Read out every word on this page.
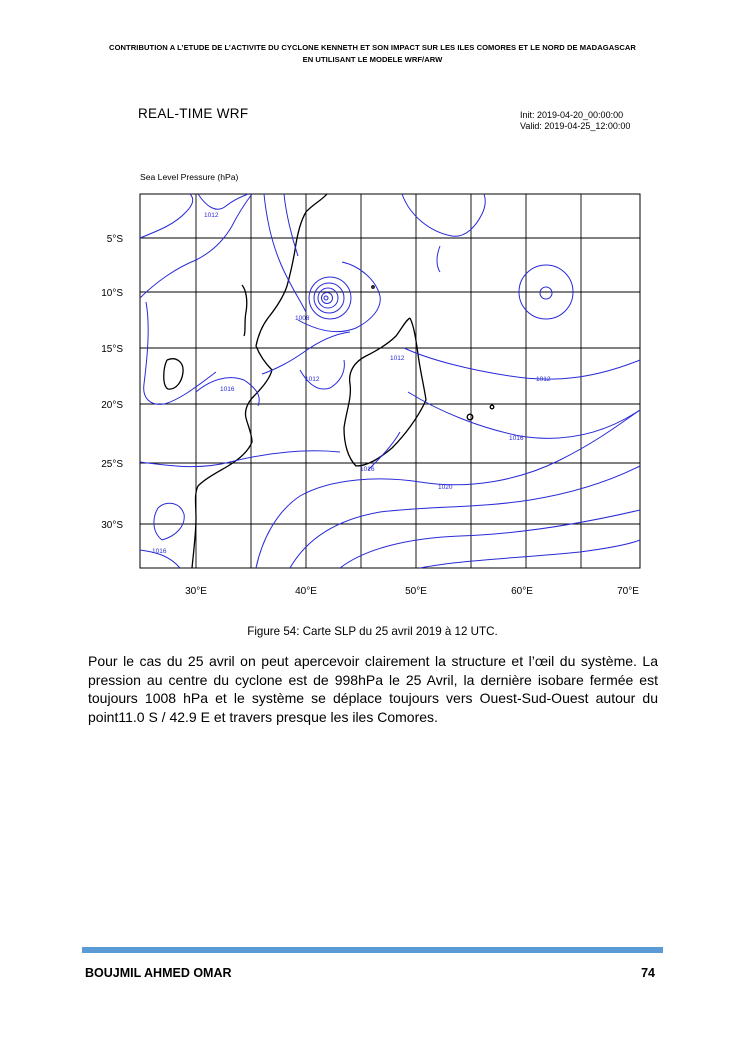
CONTRIBUTION A L’ETUDE DE L’ACTIVITE DU CYCLONE KENNETH ET SON IMPACT SUR LES ILES COMORES ET LE NORD DE MADAGASCAR
EN UTILISANT LE MODELE WRF/ARW
REAL-TIME WRF	Init: 2019-04-20_00:00:00
Valid: 2019-04-25_12:00:00
Sea Level Pressure (hPa)
1012
1008
1012
1012
1012
1016
1016
1016
1020
1016
5°S
10°S
15°S
20°S
25°S
30°S
30°E	40°E	50°E	60°E	70°E
Figure 54: Carte SLP du 25 avril 2019 à 12 UTC.

Pour le cas du 25 avril on peut apercevoir clairement la structure et l’œil du système. La pression au centre du cyclone est de 998hPa le 25 Avril, la dernière isobare fermée est toujours 1008 hPa et le système se déplace toujours vers Ouest-Sud-Ouest autour du point11.0 S / 42.9 E et travers presque les iles Comores.

BOUJMIL AHMED OMAR	74
